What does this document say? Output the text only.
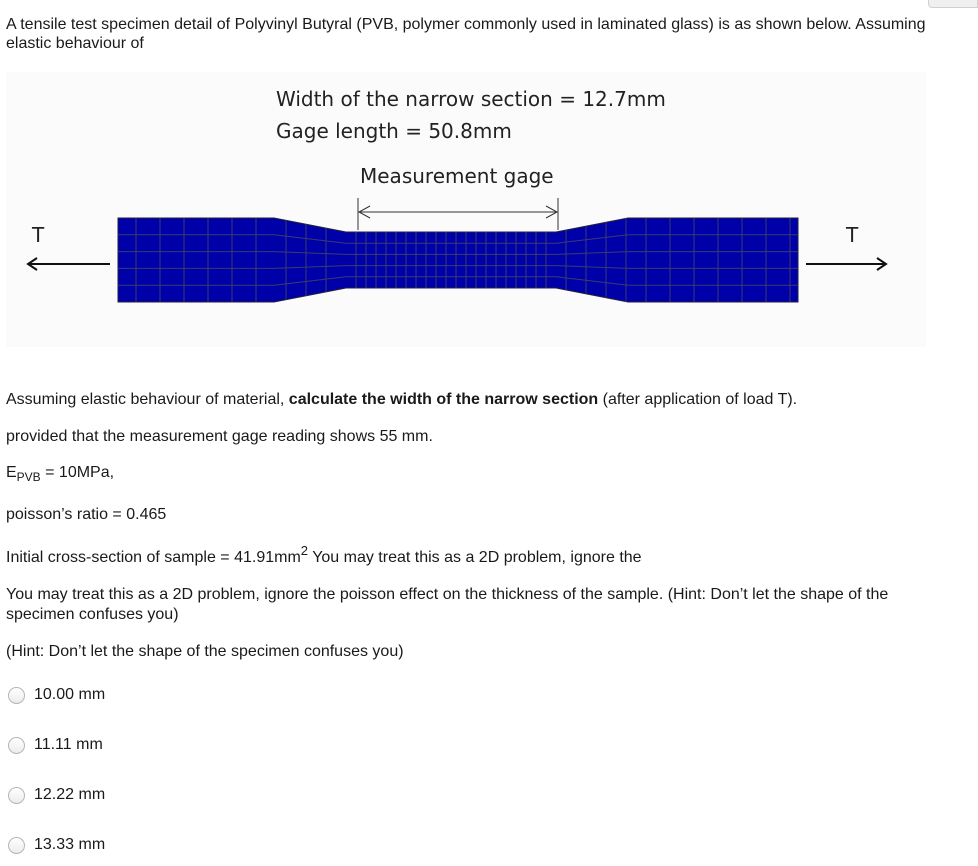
A tensile test specimen detail of Polyvinyl Butyral (PVB, polymer commonly used in laminated glass) is as shown below. Assuming elastic behaviour of
Width of the narrow section = 12.7mm
Gage length = 50.8mm
Measurement gage
T	T
Assuming elastic behaviour of material, calculate the width of the narrow section (after application of load T).
provided that the measurement gage reading shows 55 mm.
$E_{PVB} = 10MPa$,
poisson’s ratio = 0.465
Initial cross-section of sample = $41.91mm^2$ You may treat this as a 2D problem, ignore the
You may treat this as a 2D problem, ignore the poisson effect on the thickness of the sample. (Hint: Don’t let the shape of the specimen confuses you)
(Hint: Don’t let the shape of the specimen confuses you)
10.00 mm
11.11 mm
12.22 mm
13.33 mm
